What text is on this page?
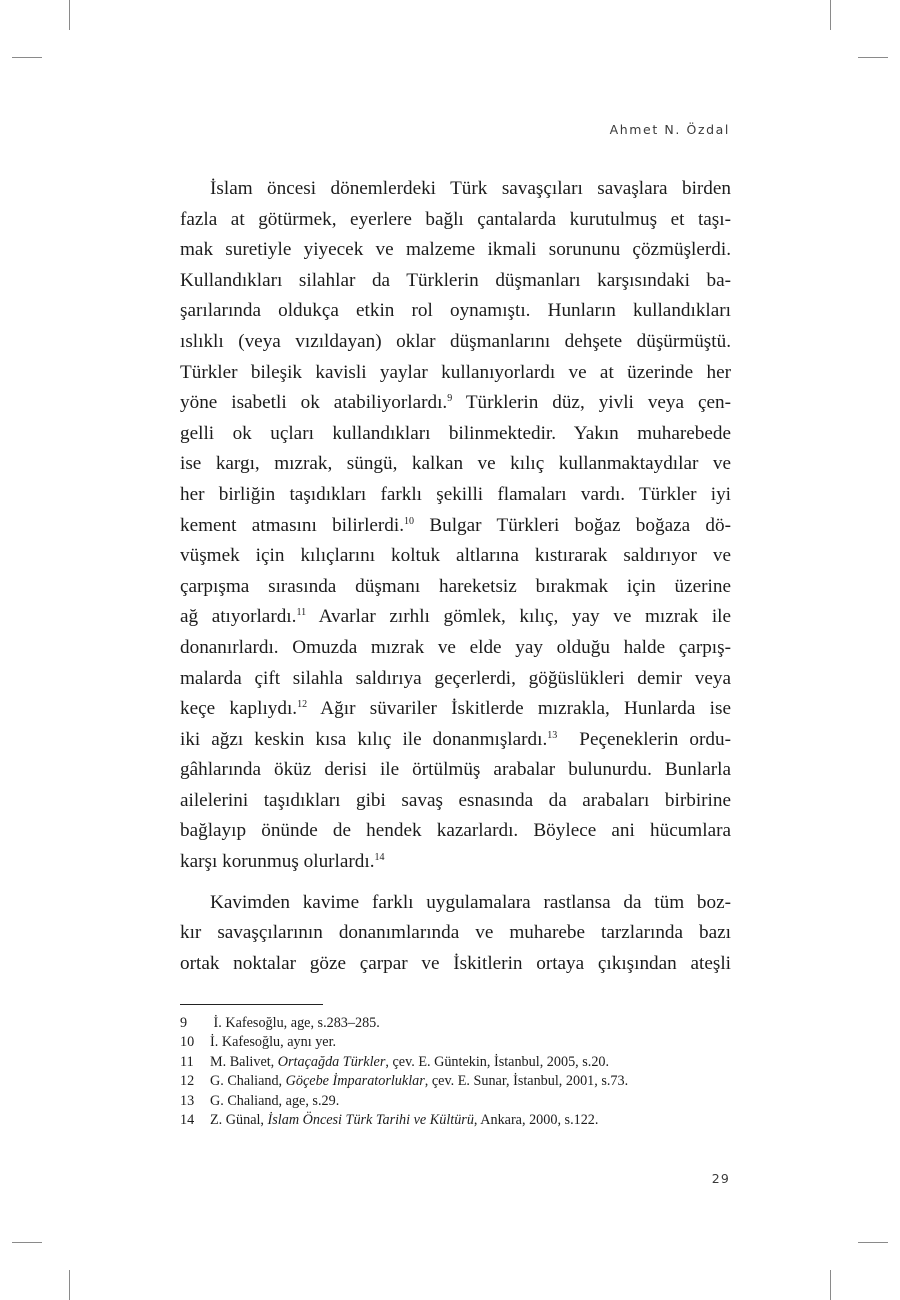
Ahmet N. Özdal
İslam öncesi dönemlerdeki Türk savaşçıları savaşlara birden
fazla at götürmek, eyerlere bağlı çantalarda kurutulmuş et taşı-
mak suretiyle yiyecek ve malzeme ikmali sorununu çözmüşlerdi.
Kullandıkları silahlar da Türklerin düşmanları karşısındaki ba-
şarılarında oldukça etkin rol oynamıştı. Hunların kullandıkları
ıslıklı (veya vızıldayan) oklar düşmanlarını dehşete düşürmüştü.
Türkler bileşik kavisli yaylar kullanıyorlardı ve at üzerinde her
yöne isabetli ok atabiliyorlardı.$^9$ Türklerin düz, yivli veya çen-
gelli ok uçları kullandıkları bilinmektedir. Yakın muharebede
ise kargı, mızrak, süngü, kalkan ve kılıç kullanmaktaydılar ve
her birliğin taşıdıkları farklı şekilli flamaları vardı. Türkler iyi
kement atmasını bilirlerdi.$^{10}$ Bulgar Türkleri boğaz boğaza dö-
vüşmek için kılıçlarını koltuk altlarına kıstırarak saldırıyor ve
çarpışma sırasında düşmanı hareketsiz bırakmak için üzerine
ağ atıyorlardı.$^{11}$ Avarlar zırhlı gömlek, kılıç, yay ve mızrak ile
donanırlardı. Omuzda mızrak ve elde yay olduğu halde çarpış-
malarda çift silahla saldırıya geçerlerdi, göğüslükleri demir veya
keçe kaplıydı.$^{12}$ Ağır süvariler İskitlerde mızrakla, Hunlarda ise
iki ağzı keskin kısa kılıç ile donanmışlardı.$^{13}$  Peçeneklerin ordu-
gâhlarında öküz derisi ile örtülmüş arabalar bulunurdu. Bunlarla
ailelerini taşıdıkları gibi savaş esnasında da arabaları birbirine
bağlayıp önünde de hendek kazarlardı. Böylece ani hücumlara
karşı korunmuş olurlardı.$^{14}$
Kavimden kavime farklı uygulamalara rastlansa da tüm boz-
kır savaşçılarının donanımlarında ve muharebe tarzlarında bazı
ortak noktalar göze çarpar ve İskitlerin ortaya çıkışından ateşli
9 İ. Kafesoğlu, age, s.283–285.
10 İ. Kafesoğlu, aynı yer.
11 M. Balivet, Ortaçağda Türkler, çev. E. Güntekin, İstanbul, 2005, s.20.
12 G. Chaliand, Göçebe İmparatorluklar, çev. E. Sunar, İstanbul, 2001, s.73.
13 G. Chaliand, age, s.29.
14 Z. Günal, İslam Öncesi Türk Tarihi ve Kültürü, Ankara, 2000, s.122.
29
